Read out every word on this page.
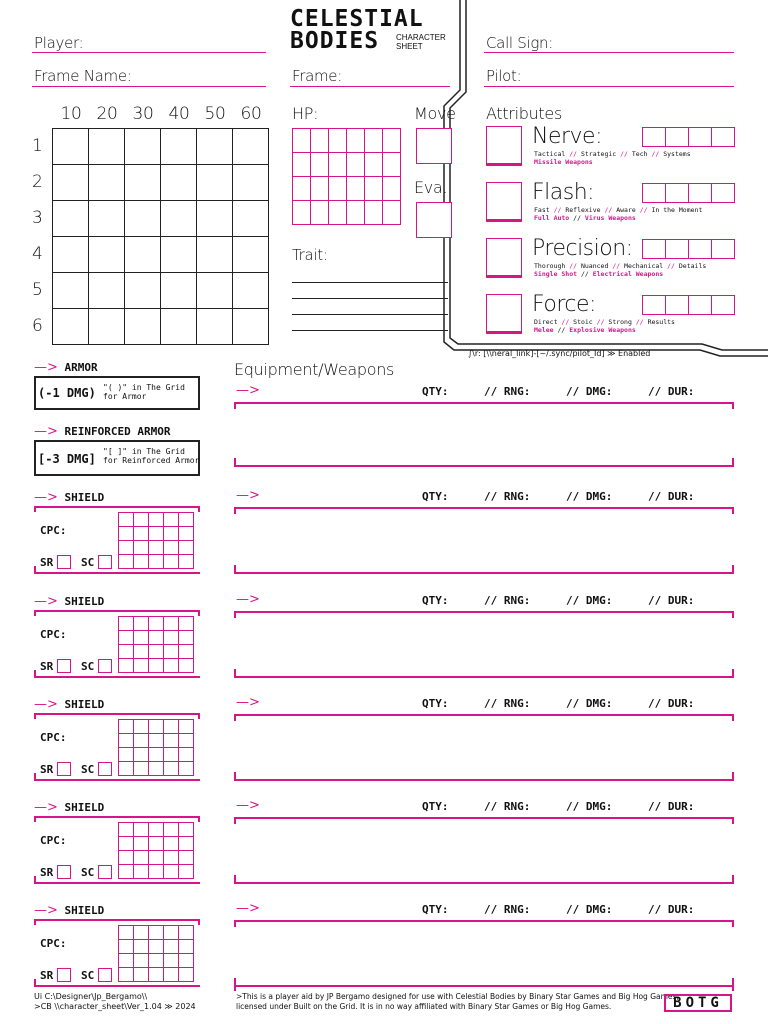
Player:
Frame Name:
CELESTIAL
BODIES CHARACTER
SHEET
Frame:
Call Sign:
Pilot:
10 20 30 40 50 60
1
2
3
4
5
6
HP:	Move
Eva.
Trait:
Attributes
Nerve:
Tactical // Strategic // Tech // Systems
Missile Weapons
Flash:
Fast // Reflexive // Aware // In the Moment
Full Auto // Virus Weapons
Precision:
Thorough // Nuanced // Mechanical // Details
Single Shot // Electrical Weapons
Force:
Direct // Stoic // Strong // Results
Melee // Explosive Weapons
∫\r: [\\neral_link]-[~/.sync/pilot_Id] ≫ Enabled
—> ARMOR
(-1 DMG) "( )" in The Grid
for Armor
—> REINFORCED ARMOR
[-3 DMG]
"[ ]" in The Grid
for Reinforced Armor
—> SHIELD
CPC:
SR	SC
—> SHIELD
CPC:
SR	SC
—> SHIELD
CPC:
SR	SC
—> SHIELD
CPC:
SR	SC
—> SHIELD
CPC:
SR	SC
Equipment/Weapons
—>	QTY:	// RNG:	// DMG:	// DUR:
—>	QTY:	// RNG:	// DMG:	// DUR:
—>	QTY:	// RNG:	// DMG:	// DUR:
—>	QTY:	// RNG:	// DMG:	// DUR:
—>	QTY:	// RNG:	// DMG:	// DUR:
—>	QTY:	// RNG:	// DMG:	// DUR:
Ui C:\Designer\Jp_Bergamo\\
>CB \\character_sheet\Ver_1.04 ≫ 2024
>This is a player aid by JP Bergamo designed for use with Celestial Bodies by Binary Star Games and Big Hog Games,
licensed under Built on the Grid. It is in no way affiliated with Binary Star Games or Big Hog Games.	BOTG
